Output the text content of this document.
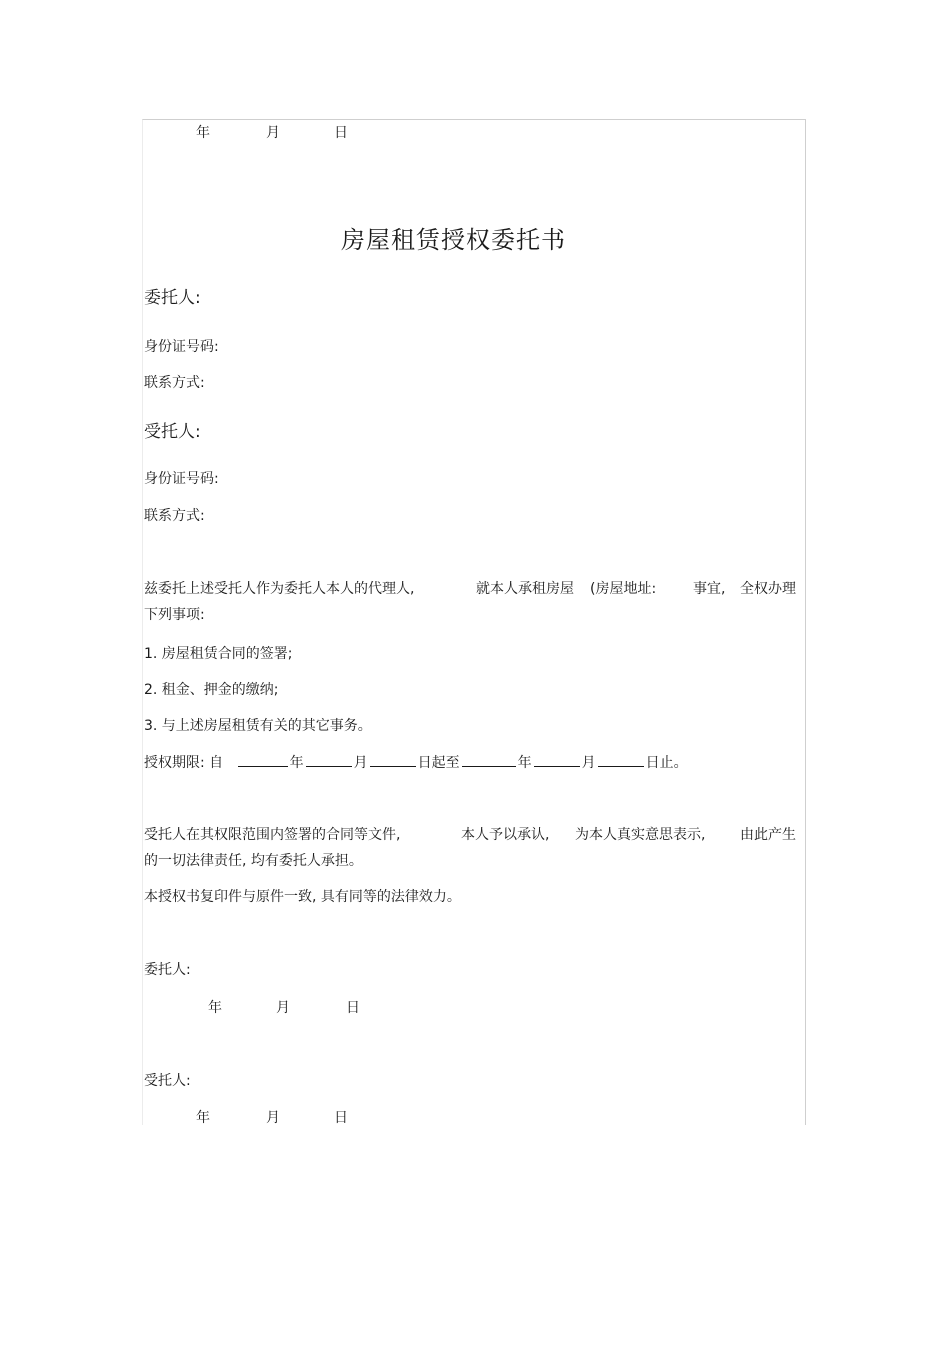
年	月	日
房屋租赁授权委托书
委托人:
身份证号码:
联系方式:
受托人:
身份证号码:
联系方式:
兹委托上述受托人作为委托人本人的代理人,	就本人承租房屋 (房屋地址:	事宜, 全权办理
下列事项:
1. 房屋租赁合同的签署;
2. 租金、押金的缴纳;
3. 与上述房屋租赁有关的其它事务。
授权期限: 自	年	月	日起至	年	月	日止。
受托人在其权限范围内签署的合同等文件,	本人予以承认, 为本人真实意思表示, 由此产生
的一切法律责任, 均有委托人承担。
本授权书复印件与原件一致, 具有同等的法律效力。
委托人:
年	月	日
受托人:
年	月	日
